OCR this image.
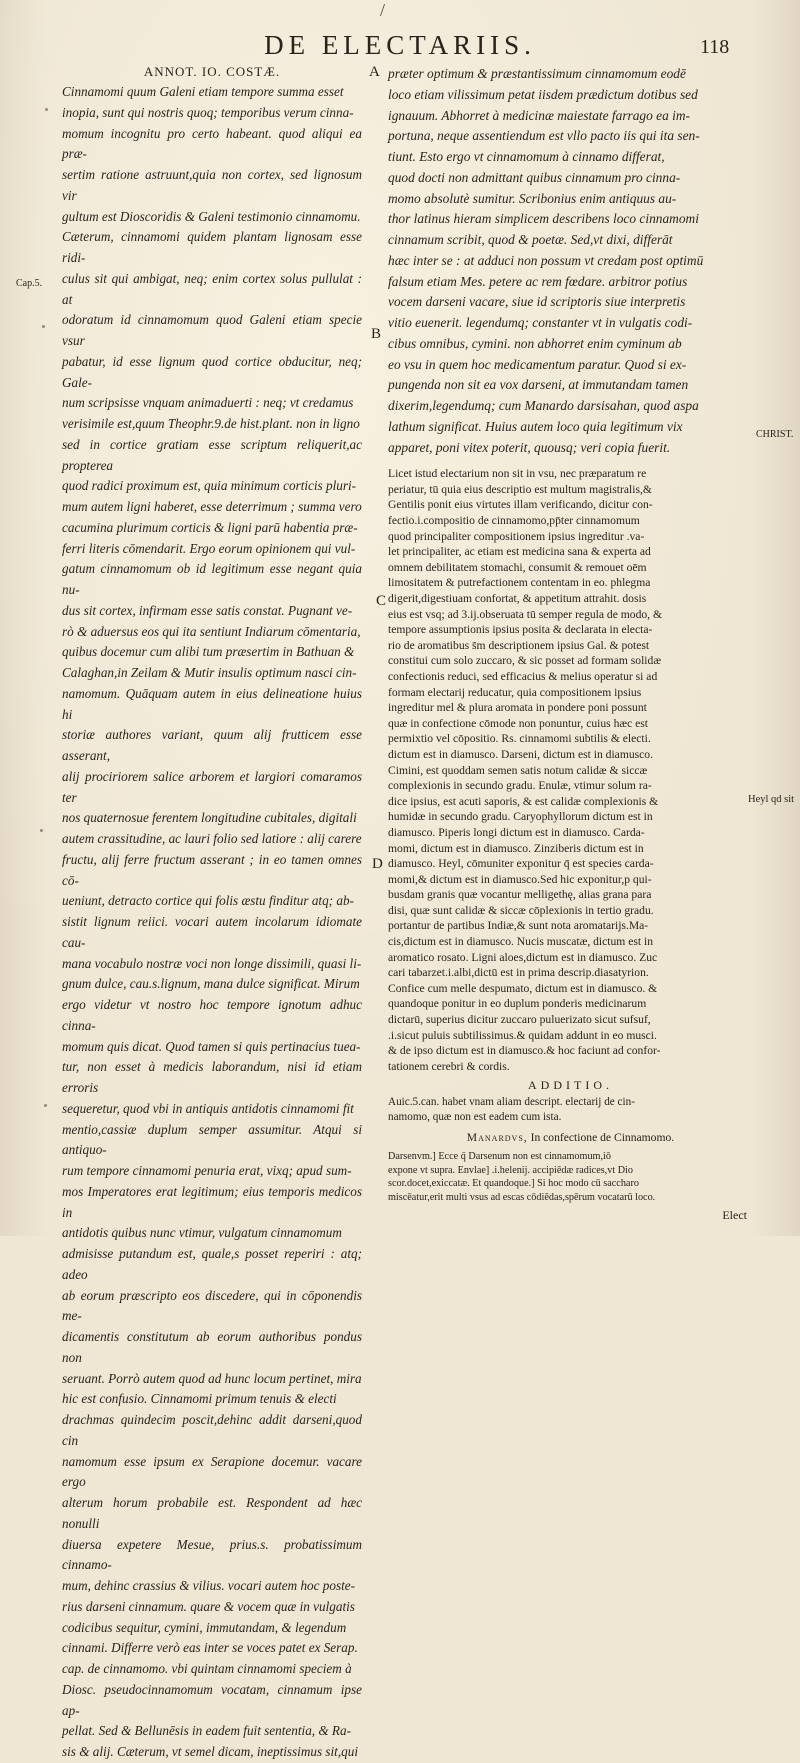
/
DE ELECTARIIS.	118
A
B
C
D
Cap.5.
CHRIST.
Heyl qd sit
ANNOT. IO. COSTÆ.
Cinnamomi quum Galeni etiam tempore summa esset
inopia, sunt qui nostris quoq; temporibus verum cinna-
momum incognitu pro certo habeant. quod aliqui ea præ-
sertim ratione astruunt,quia non cortex, sed lignosum vir
gultum est Dioscoridis & Galeni testimonio cinnamomu.
Cæterum, cinnamomi quidem plantam lignosam esse ridi-
culus sit qui ambigat, neq; enim cortex solus pullulat : at
odoratum id cinnamomum quod Galeni etiam specie vsur
pabatur, id esse lignum quod cortice obducitur, neq; Gale-
num scripsisse vnquam animaduerti : neq; vt credamus
verisimile est,quum Theophr.9.de hist.plant. non in ligno
sed in cortice gratiam esse scriptum reliquerit,ac propterea
quod radici proximum est, quia minimum corticis pluri-
mum autem ligni haberet, esse deterrimum ; summa vero
cacumina plurimum corticis & ligni parū habentia præ-
ferri literis cōmendarit. Ergo eorum opinionem qui vul-
gatum cinnamomum ob id legitimum esse negant quia nu-
dus sit cortex, infirmam esse satis constat. Pugnant ve-
rò & aduersus eos qui ita sentiunt Indiarum cōmentaria,
quibus docemur cum alibi tum præsertim in Bathuan &
Calaghan,in Zeilam & Mutir insulis optimum nasci cin-
namomum. Quāquam autem in eius delineatione huius hi
storiæ authores variant, quum alij frutticem esse asserant,
alij prociriorem salice arborem et largiori comaramos ter
nos quaternosue ferentem longitudine cubitales, digitali
autem crassitudine, ac lauri folio sed latiore : alij carere
fructu, alij ferre fructum asserant ; in eo tamen omnes cō-
ueniunt, detracto cortice qui folis æstu finditur atq; ab-
sistit lignum reiici. vocari autem incolarum idiomate cau-
mana vocabulo nostræ voci non longe dissimili, quasi li-
gnum dulce, cau.s.lignum, mana dulce significat. Mirum
ergo videtur vt nostro hoc tempore ignotum adhuc cinna-
momum quis dicat. Quod tamen si quis pertinacius tuea-
tur, non esset à medicis laborandum, nisi id etiam erroris
sequeretur, quod vbi in antiquis antidotis cinnamomi fit
mentio,cassiæ duplum semper assumitur. Atqui si antiquo-
rum tempore cinnamomi penuria erat, vixq; apud sum-
mos Imperatores erat legitimum; eius temporis medicos in
antidotis quibus nunc vtimur, vulgatum cinnamomum
admisisse putandum est, quale,s posset reperiri : atq; adeo
ab eorum præscripto eos discedere, qui in cōponendis me-
dicamentis constitutum ab eorum authoribus pondus non
seruant. Porrò autem quod ad hunc locum pertinet, mira
hic est confusio. Cinnamomi primum tenuis & electi
drachmas quindecim poscit,dehinc addit darseni,quod cin
namomum esse ipsum ex Serapione docemur. vacare ergo
alterum horum probabile est. Respondent ad hæc nonulli
diuersa expetere Mesue, prius.s. probatissimum cinnamo-
mum, dehinc crassius & vilius. vocari autem hoc poste-
rius darseni cinnamum. quare & vocem quæ in vulgatis
codicibus sequitur, cymini, immutandam, & legendum
cinnami. Differre verò eas inter se voces patet ex Serap.
cap. de cinnamomo. vbi quintam cinnamomi speciem à
Diosc. pseudocinnamomum vocatam, cinnamum ipse ap-
pellat. Sed & Bellunēsis in eadem fuit sententia, & Ra-
sis & alij. Cæterum, vt semel dicam, ineptissimus sit,qui
præter optimum & præstantissimum cinnamomum eodē
loco etiam vilissimum petat iisdem prædictum dotibus sed
ignauum. Abhorret à medicinæ maiestate farrago ea im-
portuna, neque assentiendum est vllo pacto iis qui ita sen-
tiunt. Esto ergo vt cinnamomum à cinnamo differat,
quod docti non admittant quibus cinnamum pro cinna-
momo absolutè sumitur. Scribonius enim antiquus au-
thor latinus hieram simplicem describens loco cinnamomi
cinnamum scribit, quod & poetæ. Sed,vt dixi, differāt
hæc inter se : at adduci non possum vt credam post optimū
falsum etiam Mes. petere ac rem fœdare. arbitror potius
vocem darseni vacare, siue id scriptoris siue interpretis
vitio euenerit. legendumq; constanter vt in vulgatis codi-
cibus omnibus, cymini. non abhorret enim cyminum ab
eo vsu in quem hoc medicamentum paratur. Quod si ex-
pungenda non sit ea vox darseni, at immutandam tamen
dixerim,legendumq; cum Manardo darsisahan, quod aspa
lathum significat. Huius autem loco quia legitimum vix
apparet, poni vitex poterit, quousq; veri copia fuerit.
Licet istud electarium non sit in vsu, nec præparatum re
periatur, tū quia eius descriptio est multum magistralis,&
Gentilis ponit eius virtutes illam verificando, dicitur con-
fectio.i.compositio de cinnamomo,pp̄ter cinnamomum
quod principaliter compositionem ipsius ingreditur .va-
let principaliter, ac etiam est medicina sana & experta ad
omnem debilitatem stomachi, consumit & remouet oēm
limositatem & putrefactionem contentam in eo. phlegma
digerit,digestiuam confortat, & appetitum attrahit. dosis
eius est vsq; ad 3.ij.obseruata tū semper regula de modo, &
tempore assumptionis ipsius posita & declarata in electa-
rio de aromatibus s̄m descriptionem ipsius Gal. & potest
constitui cum solo zuccaro, & sic posset ad formam solidæ
confectionis reduci, sed efficacius & melius operatur si ad
formam electarij reducatur, quia compositionem ipsius
ingreditur mel & plura aromata in pondere poni possunt
quæ in confectione cōmode non ponuntur, cuius hæc est
permixtio vel cōpositio. Rs. cinnamomi subtilis & electi.
dictum est in diamusco. Darseni, dictum est in diamusco.
Cimini, est quoddam semen satis notum calidæ & siccæ
complexionis in secundo gradu. Enulæ, vtimur solum ra-
dice ipsius, est acuti saporis, & est calidæ complexionis &
humidæ in secundo gradu. Caryophyllorum dictum est in
diamusco. Piperis longi dictum est in diamusco. Carda-
momi, dictum est in diamusco. Zinziberis dictum est in
diamusco. Heyl, cōmuniter exponitur q̄ est species carda-
momi,& dictum est in diamusco.Sed hic exponitur,p qui-
busdam granis quæ vocantur melligethę, alias grana para
disi, quæ sunt calidæ & siccæ cōplexionis in tertio gradu.
portantur de partibus Indiæ,& sunt nota aromatarijs.Ma-
cis,dictum est in diamusco. Nucis muscatæ, dictum est in
aromatico rosato. Ligni aloes,dictum est in diamusco. Zuc
cari tabarzet.i.albi,dictū est in prima descrip.diasatyrion.
Confice cum melle despumato, dictum est in diamusco. &
quandoque ponitur in eo duplum ponderis medicinarum
dictarū, superius dicitur zuccaro puluerizato sicut sufsuf,
.i.sicut puluis subtilissimus.& quidam addunt in eo musci.
& de ipso dictum est in diamusco.& hoc faciunt ad confor-
tationem cerebri & cordis.
ADDITIO.
Auic.5.can. habet vnam aliam descript. electarij de cin-
namomo, quæ non est eadem cum ista.
Manardvs, In confectione de Cinnamomo.
Darsenvm.] Ecce q̄ Darsenum non est cinnamomum,iō
expone vt supra. Envlae] .i.helenij. accipiēdæ radices,vt Dio
scor.docet,exiccatæ. Et quandoque.] Si hoc modo cū saccharo
miscēatur,erit multi vsus ad escas cōdiēdas,spērum vocatarū loco.
Elect
